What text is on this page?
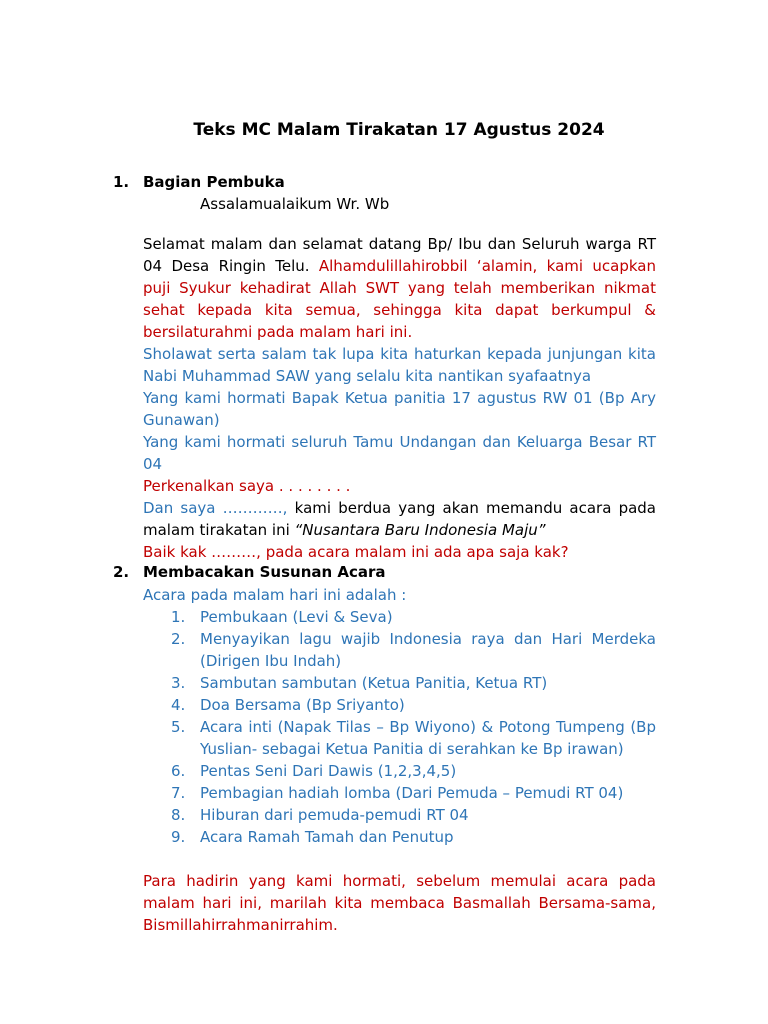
Teks MC Malam Tirakatan 17 Agustus 2024
1. Bagian Pembuka
Assalamualaikum Wr. Wb
Selamat malam dan selamat datang Bp/ Ibu dan Seluruh warga RT 04 Desa Ringin Telu. Alhamdulillahirobbil ‘alamin, kami ucapkan puji Syukur kehadirat Allah SWT yang telah memberikan nikmat sehat kepada kita semua, sehingga kita dapat berkumpul & bersilaturahmi pada malam hari ini.
Sholawat serta salam tak lupa kita haturkan kepada junjungan kita Nabi Muhammad SAW yang selalu kita nantikan syafaatnya
Yang kami hormati Bapak Ketua panitia 17 agustus RW 01 (Bp Ary Gunawan)
Yang kami hormati seluruh Tamu Undangan dan Keluarga Besar RT 04
Perkenalkan saya . . . . . . . .
Dan saya …………, kami berdua yang akan memandu acara pada malam tirakatan ini “Nusantara Baru Indonesia Maju”
Baik kak ………, pada acara malam ini ada apa saja kak?
2. Membacakan Susunan Acara
Acara pada malam hari ini adalah :
1. Pembukaan (Levi & Seva)
2. Menyayikan lagu wajib Indonesia raya dan Hari Merdeka (Dirigen Ibu Indah)
3. Sambutan sambutan (Ketua Panitia, Ketua RT)
4. Doa Bersama (Bp Sriyanto)
5. Acara inti (Napak Tilas – Bp Wiyono) & Potong Tumpeng (Bp Yuslian- sebagai Ketua Panitia di serahkan ke Bp irawan)
6. Pentas Seni Dari Dawis (1,2,3,4,5)
7. Pembagian hadiah lomba (Dari Pemuda – Pemudi RT 04)
8. Hiburan dari pemuda-pemudi RT 04
9. Acara Ramah Tamah dan Penutup
Para hadirin yang kami hormati, sebelum memulai acara pada malam hari ini, marilah kita membaca Basmallah Bersama-sama, Bismillahirrahmanirrahim.
